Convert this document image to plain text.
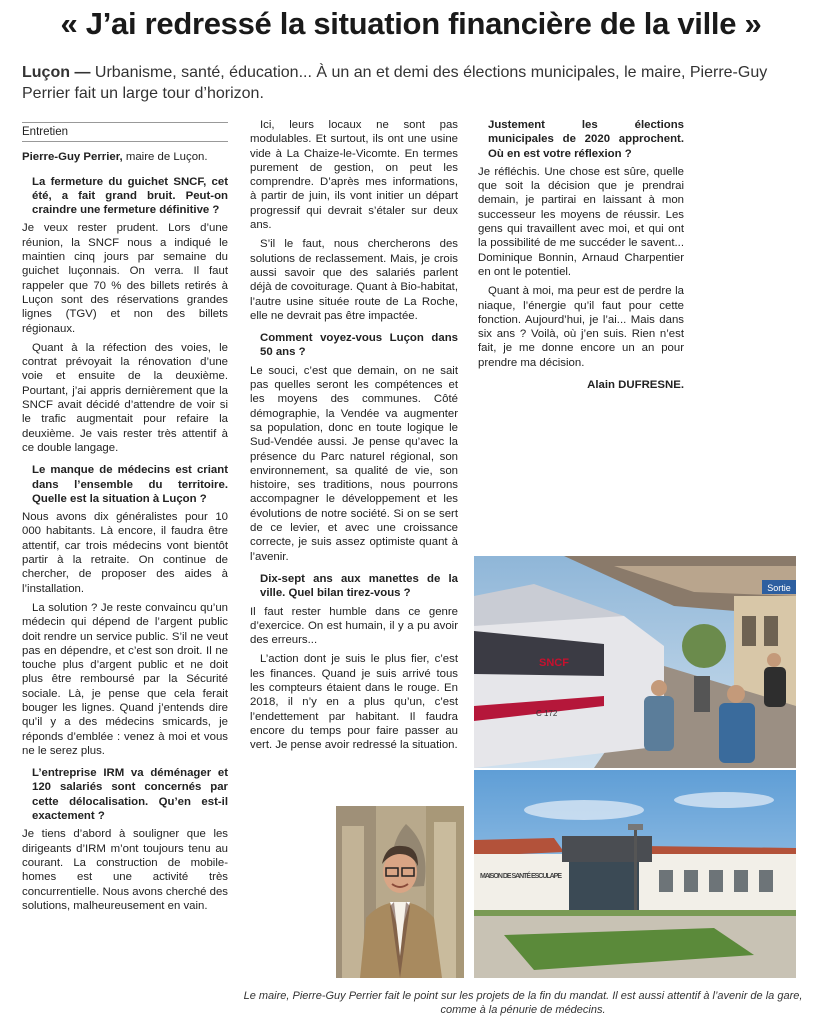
« J’ai redressé la situation financière de la ville »
Luçon — Urbanisme, santé, éducation... À un an et demi des élections municipales, le maire, Pierre-Guy Perrier fait un large tour d’horizon.
Entretien
Pierre-Guy Perrier, maire de Luçon.
La fermeture du guichet SNCF, cet été, a fait grand bruit. Peut-on craindre une fermeture définitive ?

Je veux rester prudent. Lors d’une réunion, la SNCF nous a indiqué le maintien cinq jours par semaine du guichet luçonnais. On verra. Il faut rappeler que 70 % des billets retirés à Luçon sont des réservations grandes lignes (TGV) et non des billets régionaux.

Quant à la réfection des voies, le contrat prévoyait la rénovation d’une voie et ensuite de la deuxième. Pourtant, j’ai appris dernièrement que la SNCF avait décidé d’attendre de voir si le trafic augmentait pour refaire la deuxième. Je vais rester très attentif à ce double langage.

Le manque de médecins est criant dans l’ensemble du territoire. Quelle est la situation à Luçon ?

Nous avons dix généralistes pour 10 000 habitants. Là encore, il faudra être attentif, car trois médecins vont bientôt partir à la retraite. On continue de chercher, de proposer des aides à l’installation.

La solution ? Je reste convaincu qu’un médecin qui dépend de l’argent public doit rendre un service public. S’il ne veut pas en dépendre, et c’est son droit. Il ne touche plus d’argent public et ne doit plus être remboursé par la Sécurité sociale. Là, je pense que cela ferait bouger les lignes. Quand j’entends dire qu’il y a des médecins smicards, je réponds d’emblée : venez à moi et vous ne le serez plus.

L’entreprise IRM va déménager et 120 salariés sont concernés par cette délocalisation. Qu’en est-il exactement ?

Je tiens d’abord à souligner que les dirigeants d’IRM m’ont toujours tenu au courant. La construction de mobile-homes est une activité très concurrentielle. Nous avons cherché des solutions, malheureusement en vain.

Ici, leurs locaux ne sont pas modulables. Et surtout, ils ont une usine vide à La Chaize-le-Vicomte. En termes purement de gestion, on peut les comprendre. D’après mes informations, à partir de juin, ils vont initier un départ progressif qui devrait s’étaler sur deux ans.

S’il le faut, nous chercherons des solutions de reclassement. Mais, je crois aussi savoir que des salariés parlent déjà de covoiturage. Quant à Bio-habitat, l’autre usine située route de La Roche, elle ne devrait pas être impactée.

Comment voyez-vous Luçon dans 50 ans ?

Le souci, c’est que demain, on ne sait pas quelles seront les compétences et les moyens des communes. Côté démographie, la Vendée va augmenter sa population, donc en toute logique le Sud-Vendée aussi. Je pense qu’avec la présence du Parc naturel régional, son environnement, sa qualité de vie, son histoire, ses traditions, nous pourrons accompagner le développement et les évolutions de notre société. Si on se sert de ce levier, et avec une croissance correcte, je suis assez optimiste quant à l’avenir.

Dix-sept ans aux manettes de la ville. Quel bilan tirez-vous ?

Il faut rester humble dans ce genre d’exercice. On est humain, il y a pu avoir des erreurs...

L’action dont je suis le plus fier, c’est les finances. Quand je suis arrivé tous les compteurs étaient dans le rouge. En 2018, il n’y en a plus qu’un, c’est l’endettement par habitant. Il faudra encore du temps pour faire passer au vert. Je pense avoir redressé la situation.

Justement les élections municipales de 2020 approchent. Où en est votre réflexion ?

Je réfléchis. Une chose est sûre, quelle que soit la décision que je prendrai demain, je partirai en laissant à mon successeur les moyens de réussir. Les gens qui travaillent avec moi, et qui ont la possibilité de me succéder le savent... Dominique Bonnin, Arnaud Charpentier en ont le potentiel.

Quant à moi, ma peur est de perdre la niaque, l’énergie qu’il faut pour cette fonction. Aujourd’hui, je l’ai... Mais dans six ans ? Voilà, où j’en suis. Rien n’est fait, je me donne encore un an pour prendre ma décision.

Alain DUFRESNE.
Sortie
SNCF
C 172
MAISON DE SANTÉ ESCULAPE
Le maire, Pierre-Guy Perrier fait le point sur les projets de la fin du mandat. Il est aussi attentif à l’avenir de la gare, comme à la pénurie de médecins.
